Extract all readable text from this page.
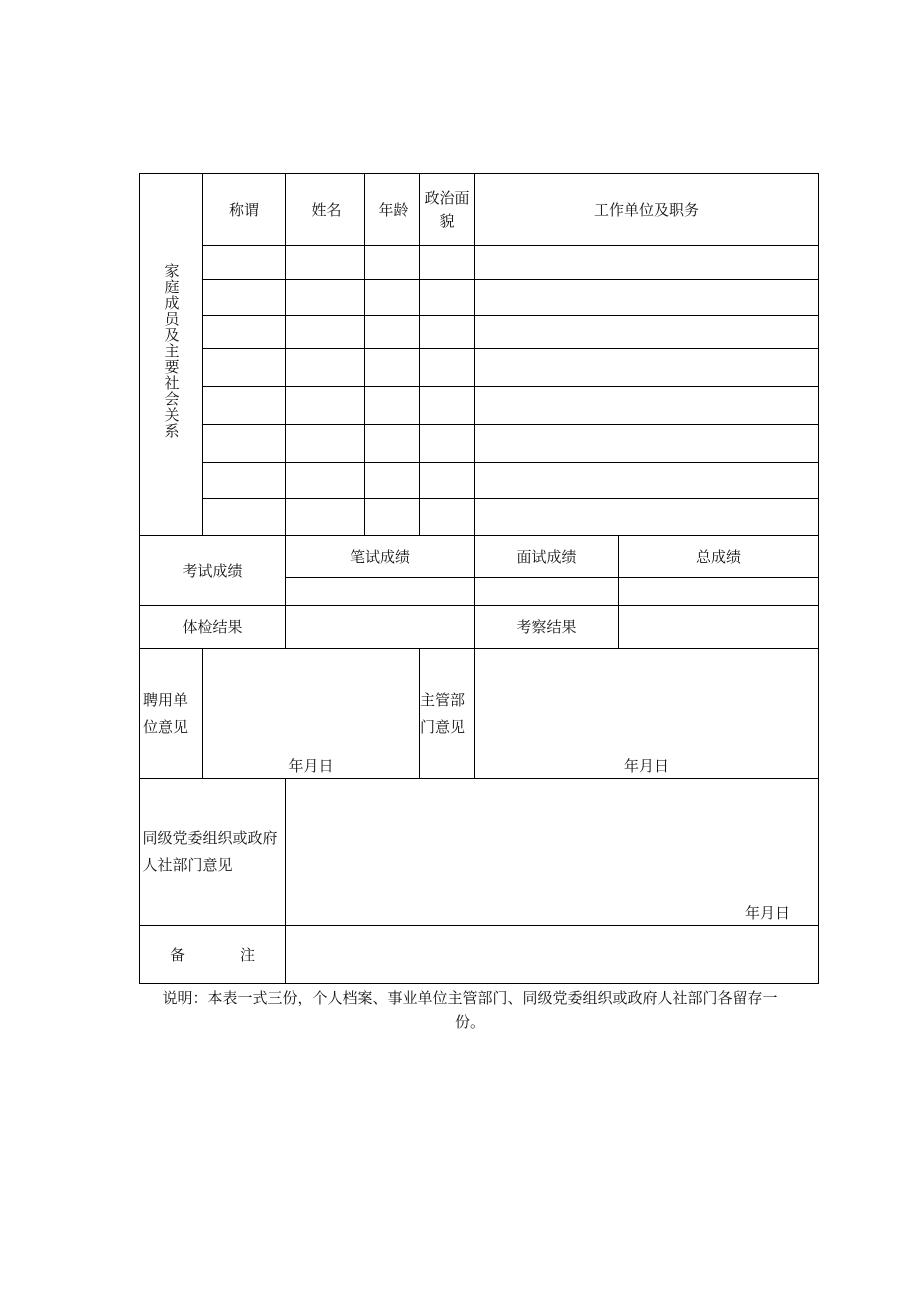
家庭成员及主要社会关系	称谓	姓名	年龄	政治面貌	工作单位及职务	

考试成绩		笔试成绩			面试成绩	总成绩

体检结果					考察结果	

聘用单位意见	年月日			主管部门意见	年月日	

同级党委组织或政府人社部门意见		年月日				

备 注						
说明：本表一式三份，个人档案、事业单位主管部门、同级党委组织或政府人社部门各留存一份。
